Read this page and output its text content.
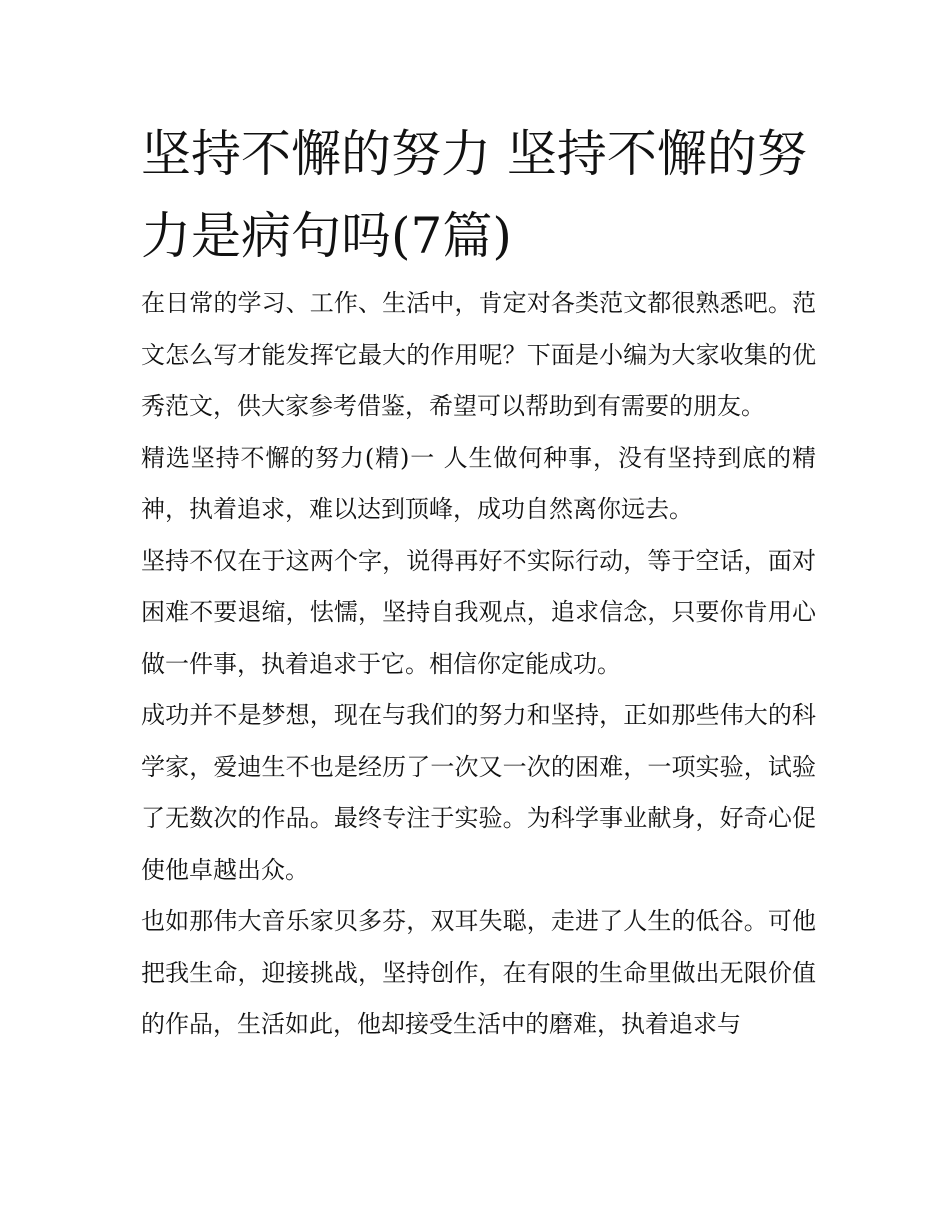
坚持不懈的努力 坚持不懈的努力是病句吗(7篇)

在日常的学习、工作、生活中，肯定对各类范文都很熟悉吧。范文怎么写才能发挥它最大的作用呢？下面是小编为大家收集的优秀范文，供大家参考借鉴，希望可以帮助到有需要的朋友。

精选坚持不懈的努力(精)一 人生做何种事，没有坚持到底的精神，执着追求，难以达到顶峰，成功自然离你远去。

坚持不仅在于这两个字，说得再好不实际行动，等于空话，面对困难不要退缩，怯懦，坚持自我观点，追求信念，只要你肯用心做一件事，执着追求于它。相信你定能成功。

成功并不是梦想，现在与我们的努力和坚持，正如那些伟大的科学家，爱迪生不也是经历了一次又一次的困难，一项实验，试验了无数次的作品。最终专注于实验。为科学事业献身，好奇心促使他卓越出众。

也如那伟大音乐家贝多芬，双耳失聪，走进了人生的低谷。可他把我生命，迎接挑战，坚持创作，在有限的生命里做出无限价值的作品，生活如此，他却接受生活中的磨难，执着追求与
